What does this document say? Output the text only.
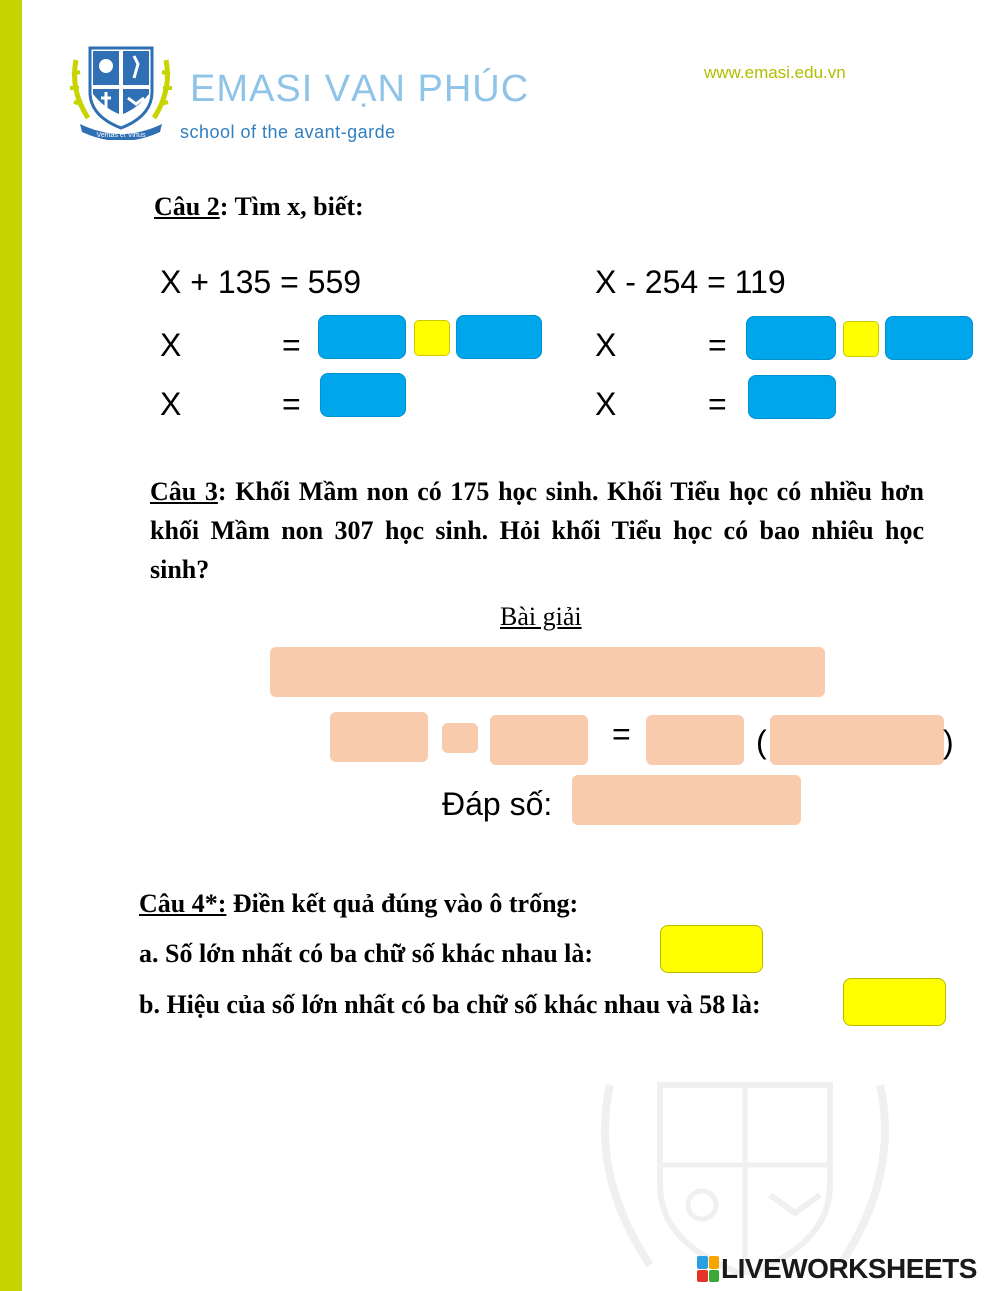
Veritas et Virtus
EMASI VẠN PHÚC
school of the avant-garde
www.emasi.edu.vn
Câu 2: Tìm x, biết:
X + 135 = 559
X	=
X	=
X - 254 = 119
X	=
X	=
Câu 3: Khối Mầm non có 175 học sinh. Khối Tiểu học có nhiều hơn khối Mầm non 307 học sinh. Hỏi khối Tiểu học có bao nhiêu học sinh?
Bài giải
=	(	)
Đáp số:
Câu 4*: Điền kết quả đúng vào ô trống:
a. Số lớn nhất có ba chữ số khác nhau là:
b. Hiệu của số lớn nhất có ba chữ số khác nhau và 58 là:
LIVEWORKSHEETS
